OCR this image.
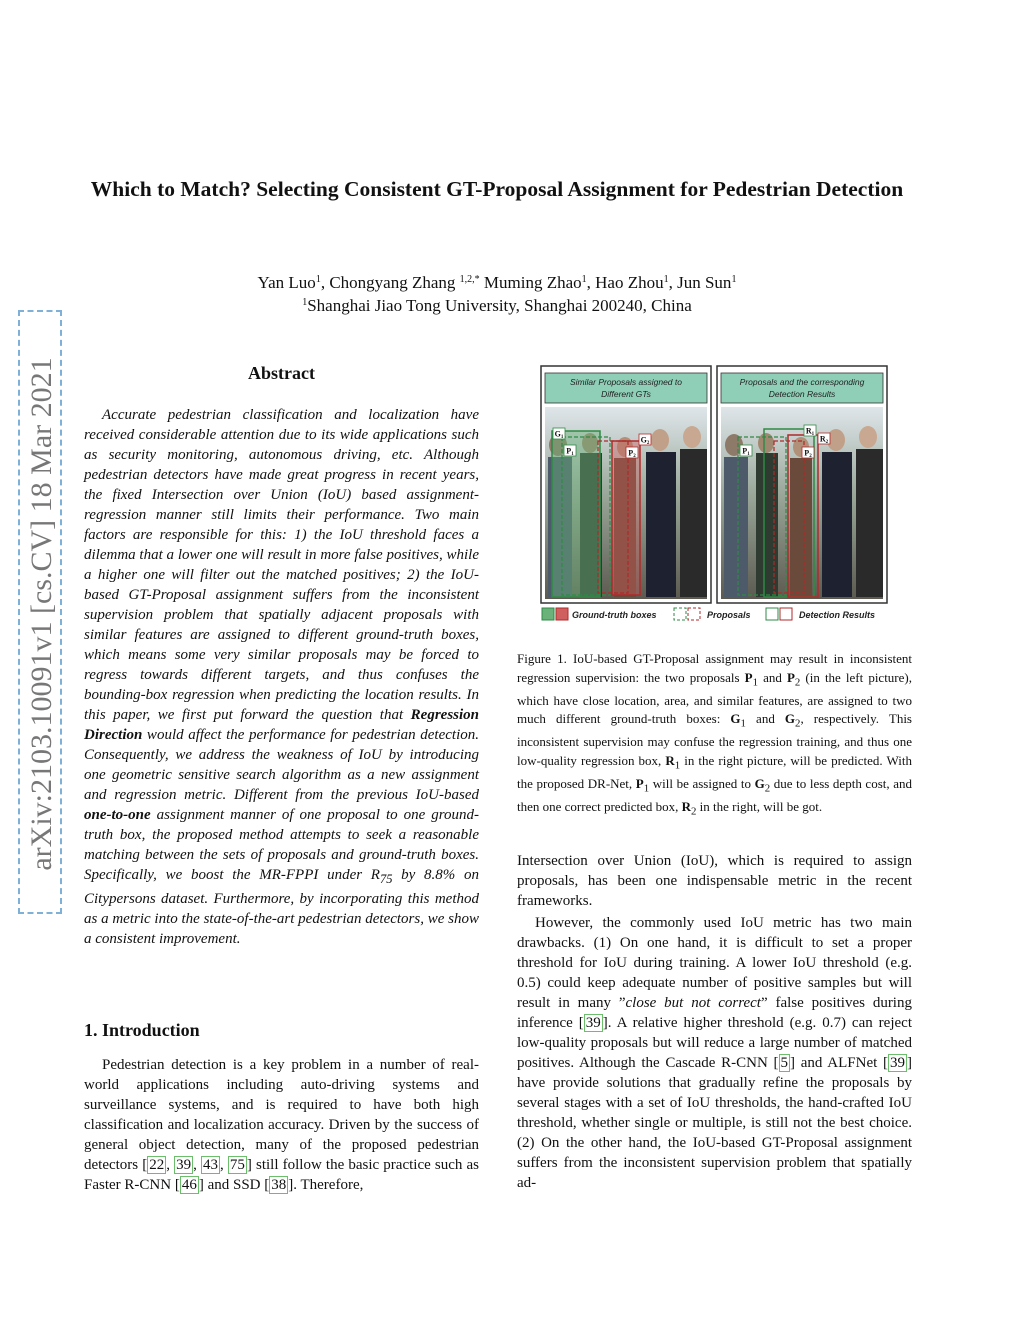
arXiv:2103.10091v1 [cs.CV] 18 Mar 2021
Which to Match? Selecting Consistent GT-Proposal Assignment for Pedestrian Detection
Yan Luo$^1$, Chongyang Zhang $^{1,2,*}$ Muming Zhao$^1$, Hao Zhou$^1$, Jun Sun$^1$
$^1$Shanghai Jiao Tong University, Shanghai 200240, China
Abstract
Accurate pedestrian classification and localization have received considerable attention due to its wide applications such as security monitoring, autonomous driving, etc. Although pedestrian detectors have made great progress in recent years, the fixed Intersection over Union (IoU) based assignment-regression manner still limits their performance. Two main factors are responsible for this: 1) the IoU threshold faces a dilemma that a lower one will result in more false positives, while a higher one will filter out the matched positives; 2) the IoU-based GT-Proposal assignment suffers from the inconsistent supervision problem that spatially adjacent proposals with similar features are assigned to different ground-truth boxes, which means some very similar proposals may be forced to regress towards different targets, and thus confuses the bounding-box regression when predicting the location results. In this paper, we first put forward the question that Regression Direction would affect the performance for pedestrian detection. Consequently, we address the weakness of IoU by introducing one geometric sensitive search algorithm as a new assignment and regression metric. Different from the previous IoU-based one-to-one assignment manner of one proposal to one ground-truth box, the proposed method attempts to seek a reasonable matching between the sets of proposals and ground-truth boxes. Specifically, we boost the MR-FPPI under $R_{75}$ by 8.8% on Citypersons dataset. Furthermore, by incorporating this method as a metric into the state-of-the-art pedestrian detectors, we show a consistent improvement.
1. Introduction
Pedestrian detection is a key problem in a number of real-world applications including auto-driving systems and surveillance systems, and is required to have both high classification and localization accuracy. Driven by the success of general object detection, many of the proposed pedestrian detectors [ 22 , 39 , 43 , 75 ] still follow the basic practice such as Faster R-CNN [ 46 ] and SSD [ 38 ]. Therefore,
Similar Proposals assigned to
Different GTs
G1
P1
G2
P2
Proposals and the corresponding
Detection Results
R1 R2
P1	P2
Ground-truth boxes	Proposals	Detection Results
Figure 1. IoU-based GT-Proposal assignment may result in inconsistent regression supervision: the two proposals $P_1$ and $P_2$ (in the left picture), which have close location, area, and similar features, are assigned to two much different ground-truth boxes: $G_1$ and $G_2$, respectively. This inconsistent supervision may confuse the regression training, and thus one low-quality regression box, $R_1$ in the right picture, will be predicted. With the proposed DR-Net, $P_1$ will be assigned to $G_2$ due to less depth cost, and then one correct predicted box, $R_2$ in the right, will be got.
Intersection over Union (IoU), which is required to assign proposals, has been one indispensable metric in the recent frameworks.
However, the commonly used IoU metric has two main drawbacks. (1) On one hand, it is difficult to set a proper threshold for IoU during training. A lower IoU threshold (e.g. 0.5) could keep adequate number of positive samples but will result in many ”close but not correct” false positives during inference [ 39 ]. A relative higher threshold (e.g. 0.7) can reject low-quality proposals but will reduce a large number of matched positives. Although the Cascade R-CNN [ 5 ] and ALFNet [ 39 ] have provide solutions that gradually refine the proposals by several stages with a set of IoU thresholds, the hand-crafted IoU threshold, whether single or multiple, is still not the best choice. (2) On the other hand, the IoU-based GT-Proposal assignment suffers from the inconsistent supervision problem that spatially ad-
